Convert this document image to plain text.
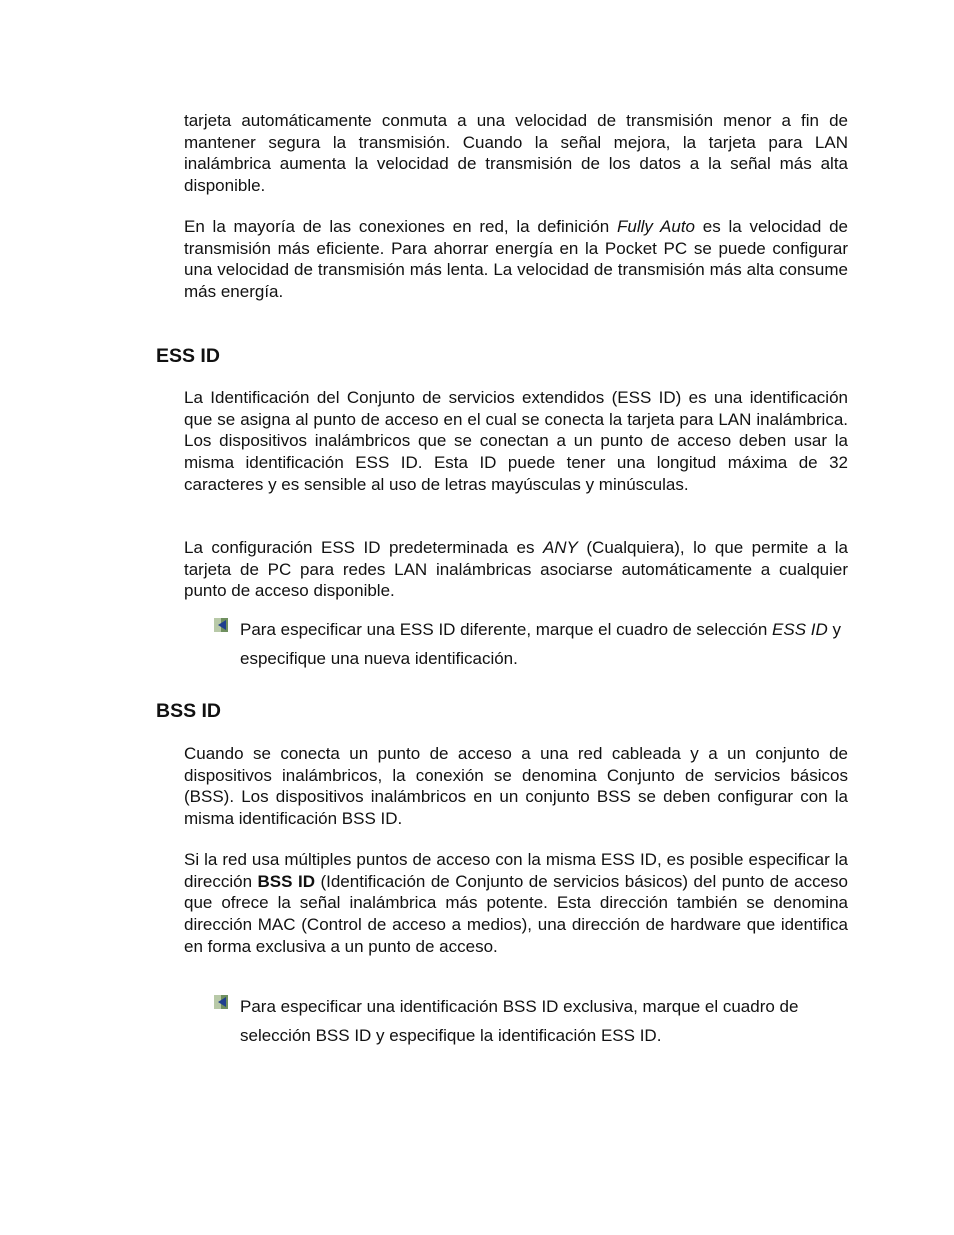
tarjeta automáticamente conmuta a una velocidad de transmisión menor a fin de mantener segura la transmisión. Cuando la señal mejora, la tarjeta para LAN inalámbrica aumenta la velocidad de transmisión de los datos a la señal más alta disponible.

En la mayoría de las conexiones en red, la definición Fully Auto es la velocidad de transmisión más eficiente. Para ahorrar energía en la Pocket PC se puede configurar una velocidad de transmisión más lenta. La velocidad de transmisión más alta consume más energía.

ESS ID

La Identificación del Conjunto de servicios extendidos (ESS ID) es una identificación que se asigna al punto de acceso en el cual se conecta la tarjeta para LAN inalámbrica. Los dispositivos inalámbricos que se conectan a un punto de acceso deben usar la misma identificación ESS ID. Esta ID puede tener una longitud máxima de 32 caracteres y es sensible al uso de letras mayúsculas y minúsculas.

La configuración ESS ID predeterminada es ANY (Cualquiera), lo que permite a la tarjeta de PC para redes LAN inalámbricas asociarse automáticamente a cualquier punto de acceso disponible.

Para especificar una ESS ID diferente, marque el cuadro de selección ESS ID y especifique una nueva identificación.
BSS ID

Cuando se conecta un punto de acceso a una red cableada y a un conjunto de dispositivos inalámbricos, la conexión se denomina Conjunto de servicios básicos (BSS). Los dispositivos inalámbricos en un conjunto BSS se deben configurar con la misma identificación BSS ID.

Si la red usa múltiples puntos de acceso con la misma ESS ID, es posible especificar la dirección BSS ID (Identificación de Conjunto de servicios básicos) del punto de acceso que ofrece la señal inalámbrica más potente. Esta dirección también se denomina dirección MAC (Control de acceso a medios), una dirección de hardware que identifica en forma exclusiva a un punto de acceso.

Para especificar una identificación BSS ID exclusiva, marque el cuadro de selección BSS ID y especifique la identificación ESS ID.
